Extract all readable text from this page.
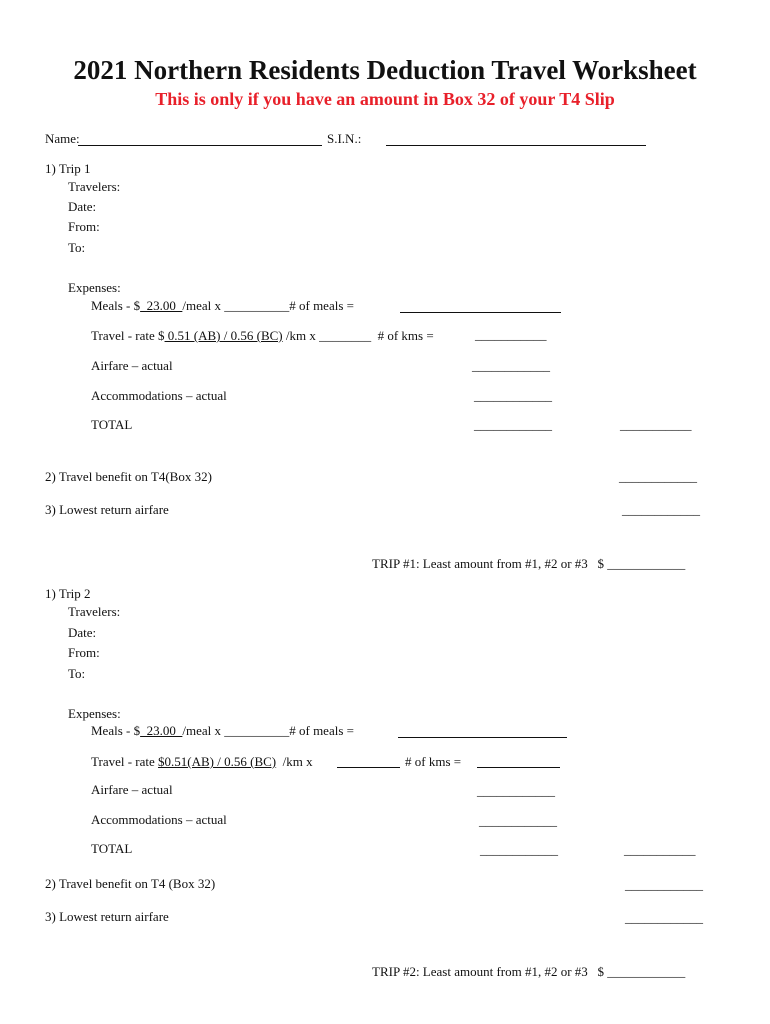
2021 Northern Residents Deduction Travel Worksheet
This is only if you have an amount in Box 32 of your T4 Slip
Name:	S.I.N.:
1) Trip 1
Travelers:
Date:
From:
To:
Expenses:
Meals - $  23.00  /meal x __________# of meals =
Travel - rate $ 0.51 (AB) / 0.56 (BC) /km x ________  # of kms =	___________
Airfare – actual	____________
Accommodations – actual	____________
TOTAL	____________	___________
2) Travel benefit on T4(Box 32)	____________
3) Lowest return airfare	____________
TRIP #1: Least amount from #1, #2 or #3   $ ____________
1) Trip 2
Travelers:
Date:
From:
To:
Expenses:
Meals - $  23.00  /meal x __________# of meals =
Travel - rate $0.51(AB) / 0.56 (BC)  /km x	# of kms =
Airfare – actual	____________
Accommodations – actual	____________
TOTAL	____________	___________
2) Travel benefit on T4 (Box 32)	____________
3) Lowest return airfare	____________
TRIP #2: Least amount from #1, #2 or #3   $ ____________
